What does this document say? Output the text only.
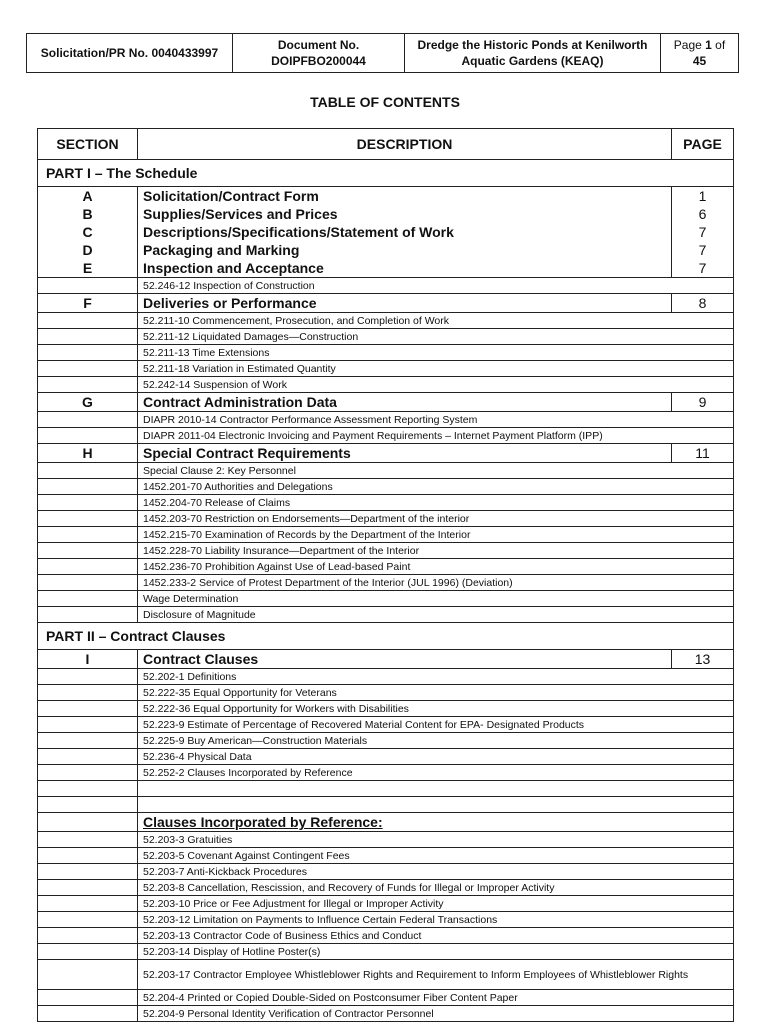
Solicitation/PR No. 0040433997	
Document No.
DOIPFBO200044

Dredge the Historic Ponds at Kenilworth
Aquatic Gardens (KEAQ)

Page 1 of
45
TABLE OF CONTENTS
SECTION	DESCRIPTION	PAGE
PART I – The Schedule		
A	Solicitation/Contract Form	1
B	Supplies/Services and Prices	6
C	Descriptions/Specifications/Statement of Work	7
D	Packaging and Marking	7
E	Inspection and Acceptance	7
	52.246-12 Inspection of Construction	
F	Deliveries or Performance	8
	52.211-10 Commencement, Prosecution, and Completion of Work	
	52.211-12 Liquidated Damages—Construction	
	52.211-13 Time Extensions	
	52.211-18 Variation in Estimated Quantity	
	52.242-14 Suspension of Work	
G	Contract Administration Data	9
	DIAPR 2010-14 Contractor Performance Assessment Reporting System	
	DIAPR 2011-04 Electronic Invoicing and Payment Requirements – Internet Payment Platform (IPP)	
H	Special Contract Requirements	11
	Special Clause 2: Key Personnel	
	1452.201-70 Authorities and Delegations	
	1452.204-70 Release of Claims	
	1452.203-70 Restriction on Endorsements—Department of the interior	
	1452.215-70 Examination of Records by the Department of the Interior	
	1452.228-70 Liability Insurance—Department of the Interior	
	1452.236-70 Prohibition Against Use of Lead-based Paint	
	1452.233-2 Service of Protest Department of the Interior (JUL 1996) (Deviation)	
	Wage Determination	
	Disclosure of Magnitude	
PART II – Contract Clauses		
I	Contract Clauses	13
	52.202-1 Definitions	
	52.222-35 Equal Opportunity for Veterans	
	52.222-36 Equal Opportunity for Workers with Disabilities	
	52.223-9 Estimate of Percentage of Recovered Material Content for EPA- Designated Products	
	52.225-9 Buy American—Construction Materials	
	52.236-4 Physical Data	
	52.252-2 Clauses Incorporated by Reference	

	Clauses Incorporated by Reference:	
	52.203-3 Gratuities	
	52.203-5 Covenant Against Contingent Fees	
	52.203-7 Anti-Kickback Procedures	
	52.203-8 Cancellation, Rescission, and Recovery of Funds for Illegal or Improper Activity	
	52.203-10 Price or Fee Adjustment for Illegal or Improper Activity	
	52.203-12 Limitation on Payments to Influence Certain Federal Transactions	
	52.203-13 Contractor Code of Business Ethics and Conduct	
	52.203-14 Display of Hotline Poster(s)	
	52.203-17 Contractor Employee Whistleblower Rights and Requirement to Inform Employees of Whistleblower Rights	
	52.204-4 Printed or Copied Double-Sided on Postconsumer Fiber Content Paper	
	52.204-9 Personal Identity Verification of Contractor Personnel	
